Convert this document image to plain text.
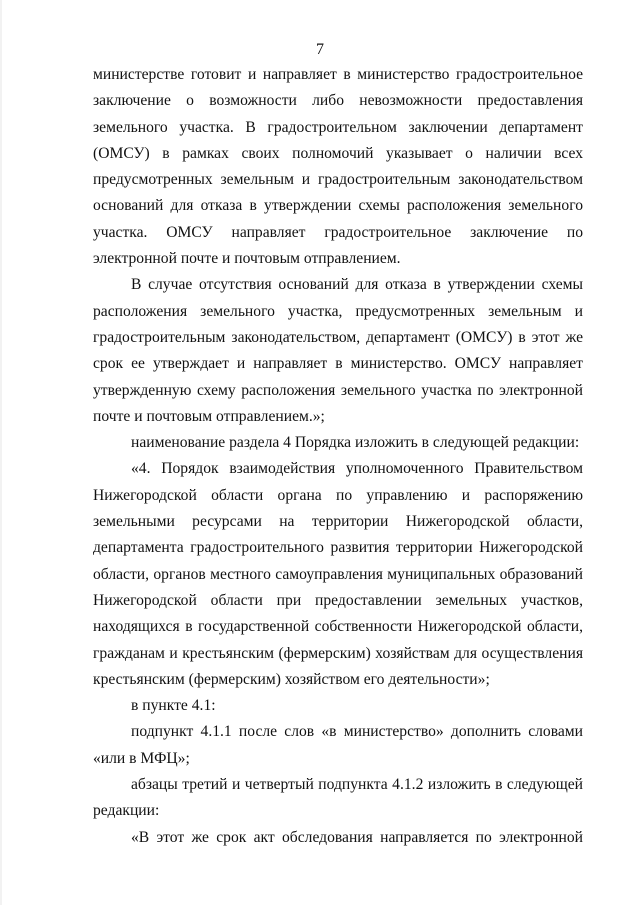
7

министерстве готовит и направляет в министерство градостроительное заключение о возможности либо невозможности предоставления земельного участка. В градостроительном заключении департамент (ОМСУ) в рамках своих полномочий указывает о наличии всех предусмотренных земельным и градостроительным законодательством оснований для отказа в утверждении схемы расположения земельного участка. ОМСУ направляет градостроительное заключение по электронной почте и почтовым отправлением.

В случае отсутствия оснований для отказа в утверждении схемы расположения земельного участка, предусмотренных земельным и градостроительным законодательством, департамент (ОМСУ) в этот же срок ее утверждает и направляет в министерство. ОМСУ направляет утвержденную схему расположения земельного участка по электронной почте и почтовым отправлением.»;

наименование раздела 4 Порядка изложить в следующей редакции:

«4. Порядок взаимодействия уполномоченного Правительством Нижегородской области органа по управлению и распоряжению земельными ресурсами на территории Нижегородской области, департамента градостроительного развития территории Нижегородской области, органов местного самоуправления муниципальных образований Нижегородской области при предоставлении земельных участков, находящихся в государственной собственности Нижегородской области, гражданам и крестьянским (фермерским) хозяйствам для осуществления крестьянским (фермерским) хозяйством его деятельности»;

в пункте 4.1:

подпункт 4.1.1 после слов «в министерство» дополнить словами «или в МФЦ»;

абзацы третий и четвертый подпункта 4.1.2 изложить в следующей редакции:

«В этот же срок акт обследования направляется по электронной
